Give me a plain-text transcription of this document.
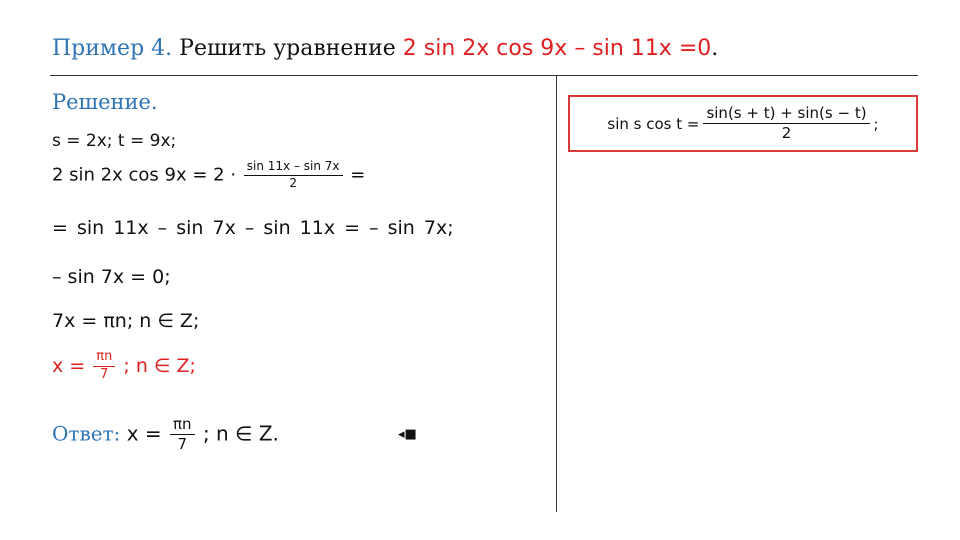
Пример 4. Решить уравнение 2 sin 2x cos 9x – sin 11x =0.
Решение.
s = 2x; t = 9x;
2 sin 2x $\cos 9x = 2 \cdot \frac{\sin 11x - \sin 7x}{2}$ =
= sin 11x – sin 7x – sin 11x = – sin 7x;
– sin 7x = 0;
7x = πn; n ∈ Z;
$x = \frac{\pi n}{7}$ ; n ∈ Z;
Ответ: $x = \frac{\pi n}{7}$ ; n ∈ Z.	◂■
sin s $\cos t = \frac{\sin(s + t) + \sin(s - t)}{2}$ ;
